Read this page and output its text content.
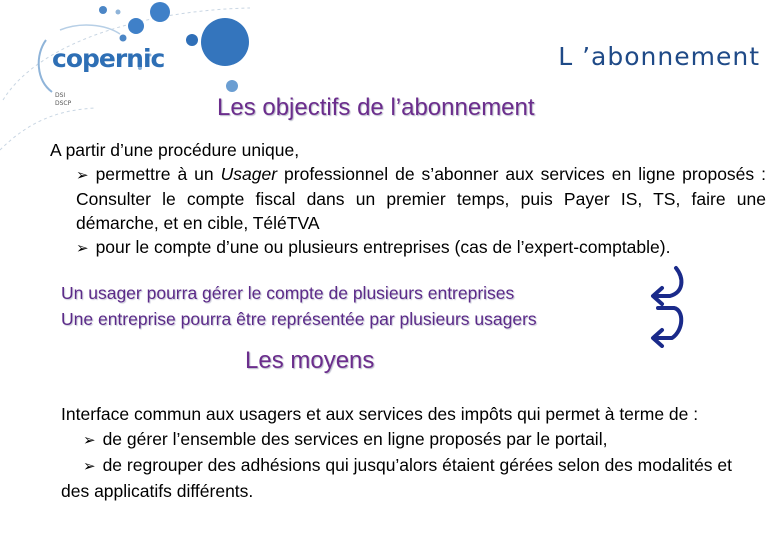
copernic
DSI
DSCP
L ’abonnement
Les objectifs de l’abonnement

A partir d’une procédure unique,

➢ permettre à un Usager professionnel de s’abonner aux services en ligne proposés : Consulter le compte fiscal dans un premier temps, puis Payer IS, TS, faire une démarche, et en cible, TéléTVA

➢ pour le compte d’une ou plusieurs entreprises (cas de l’expert-comptable).

Un usager pourra gérer le compte de plusieurs entreprises
Une entreprise pourra être représentée par plusieurs usagers
Les moyens

Interface commun aux usagers et aux services des impôts qui permet à terme de :

➢ de gérer l’ensemble des services en ligne proposés par le portail,

➢ de regrouper des adhésions qui jusqu’alors étaient gérées selon des modalités et des applicatifs différents.
